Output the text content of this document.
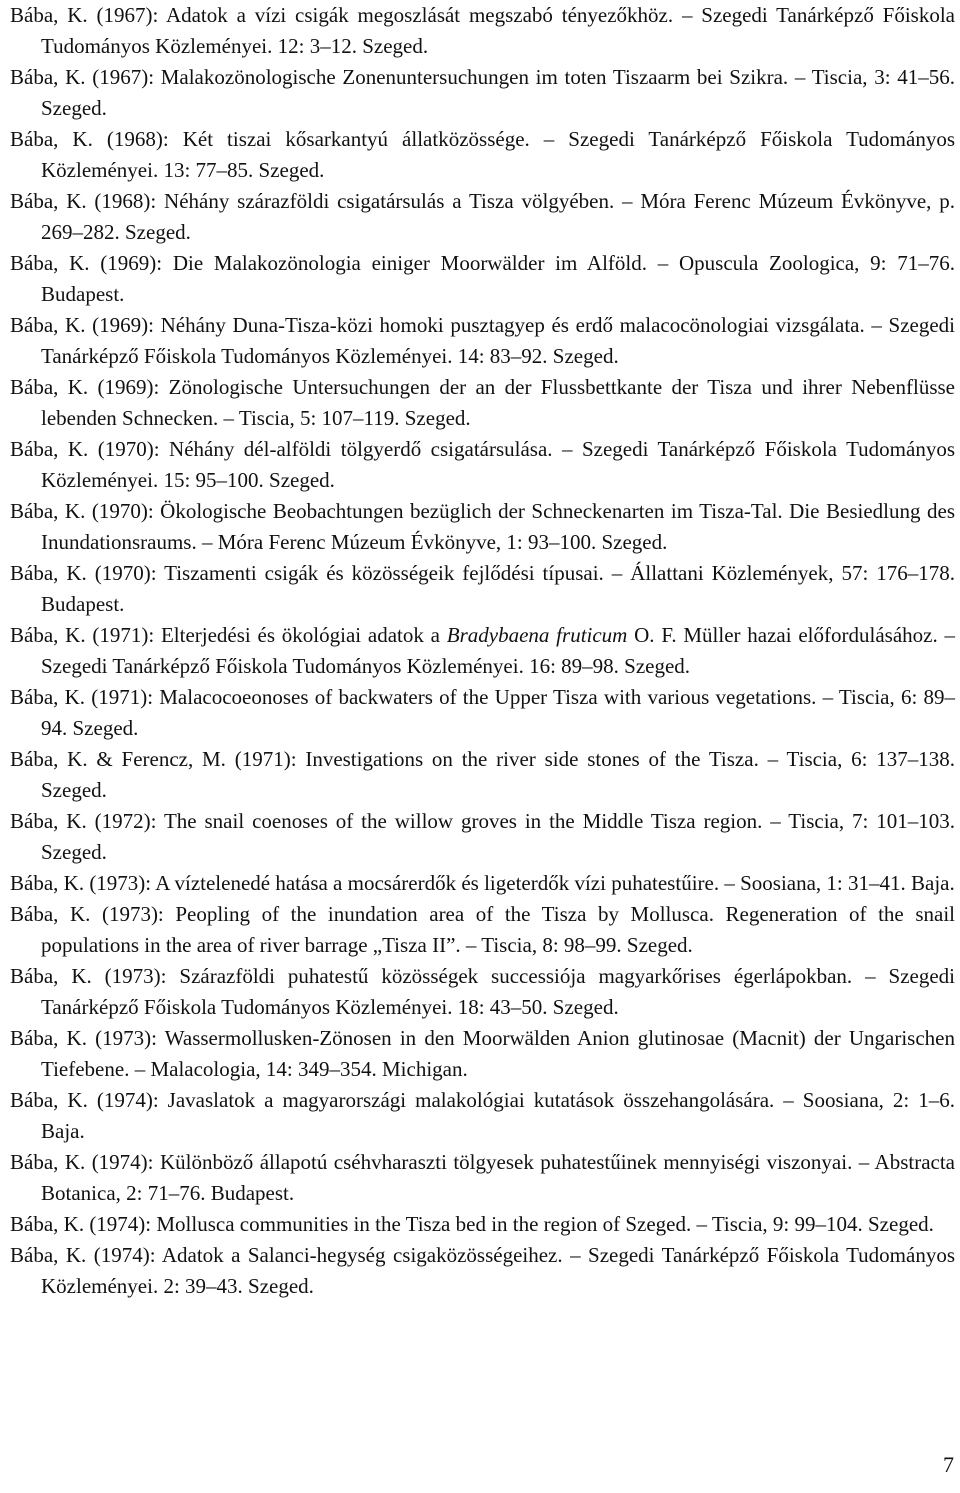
Bába, K. (1967): Adatok a vízi csigák megoszlását megszabó tényezőkhöz. – Szegedi Tanárképző Főiskola Tudományos Közleményei. 12: 3–12. Szeged.
Bába, K. (1967): Malakozönologische Zonenuntersuchungen im toten Tiszaarm bei Szikra. – Tiscia, 3: 41–56. Szeged.
Bába, K. (1968): Két tiszai kősarkantyú állatközössége. – Szegedi Tanárképző Főiskola Tudományos Közleményei. 13: 77–85. Szeged.
Bába, K. (1968): Néhány szárazföldi csigatársulás a Tisza völgyében. – Móra Ferenc Múzeum Évkönyve, p. 269–282. Szeged.
Bába, K. (1969): Die Malakozönologia einiger Moorwälder im Alföld. – Opuscula Zoologica, 9: 71–76. Budapest.
Bába, K. (1969): Néhány Duna-Tisza-közi homoki pusztagyep és erdő malacocönologiai vizsgálata. – Szegedi Tanárképző Főiskola Tudományos Közleményei. 14: 83–92. Szeged.
Bába, K. (1969): Zönologische Untersuchungen der an der Flussbettkante der Tisza und ihrer Nebenflüsse lebenden Schnecken. – Tiscia, 5: 107–119. Szeged.
Bába, K. (1970): Néhány dél-alföldi tölgyerdő csigatársulása. – Szegedi Tanárképző Főiskola Tudományos Közleményei. 15: 95–100. Szeged.
Bába, K. (1970): Ökologische Beobachtungen bezüglich der Schneckenarten im Tisza-Tal. Die Besiedlung des Inundationsraums. – Móra Ferenc Múzeum Évkönyve, 1: 93–100. Szeged.
Bába, K. (1970): Tiszamenti csigák és közösségeik fejlődési típusai. – Állattani Közlemények, 57: 176–178. Budapest.
Bába, K. (1971): Elterjedési és ökológiai adatok a Bradybaena fruticum O. F. Müller hazai előfordulásához. – Szegedi Tanárképző Főiskola Tudományos Közleményei. 16: 89–98. Szeged.
Bába, K. (1971): Malacocoeonoses of backwaters of the Upper Tisza with various vegetations. – Tiscia, 6: 89–94. Szeged.
Bába, K. & Ferencz, M. (1971): Investigations on the river side stones of the Tisza. – Tiscia, 6: 137–138. Szeged.
Bába, K. (1972): The snail coenoses of the willow groves in the Middle Tisza region. – Tiscia, 7: 101–103. Szeged.
Bába, K. (1973): A víztelenedé hatása a mocsárerdők és ligeterdők vízi puhatestűire. – Soosiana, 1: 31–41. Baja.
Bába, K. (1973): Peopling of the inundation area of the Tisza by Mollusca. Regeneration of the snail populations in the area of river barrage „Tisza II”. – Tiscia, 8: 98–99. Szeged.
Bába, K. (1973): Szárazföldi puhatestű közösségek successiója magyarkőrises égerlápokban. – Szegedi Tanárképző Főiskola Tudományos Közleményei. 18: 43–50. Szeged.
Bába, K. (1973): Wassermollusken-Zönosen in den Moorwälden Anion glutinosae (Macnit) der Ungarischen Tiefebene. – Malacologia, 14: 349–354. Michigan.
Bába, K. (1974): Javaslatok a magyarországi malakológiai kutatások összehangolására. – Soosiana, 2: 1–6. Baja.
Bába, K. (1974): Különböző állapotú cséhvharaszti tölgyesek puhatestűinek mennyiségi viszonyai. – Abstracta Botanica, 2: 71–76. Budapest.
Bába, K. (1974): Mollusca communities in the Tisza bed in the region of Szeged. – Tiscia, 9: 99–104. Szeged.
Bába, K. (1974): Adatok a Salanci-hegység csigaközösségeihez. – Szegedi Tanárképző Főiskola Tudományos Közleményei. 2: 39–43. Szeged.
7
